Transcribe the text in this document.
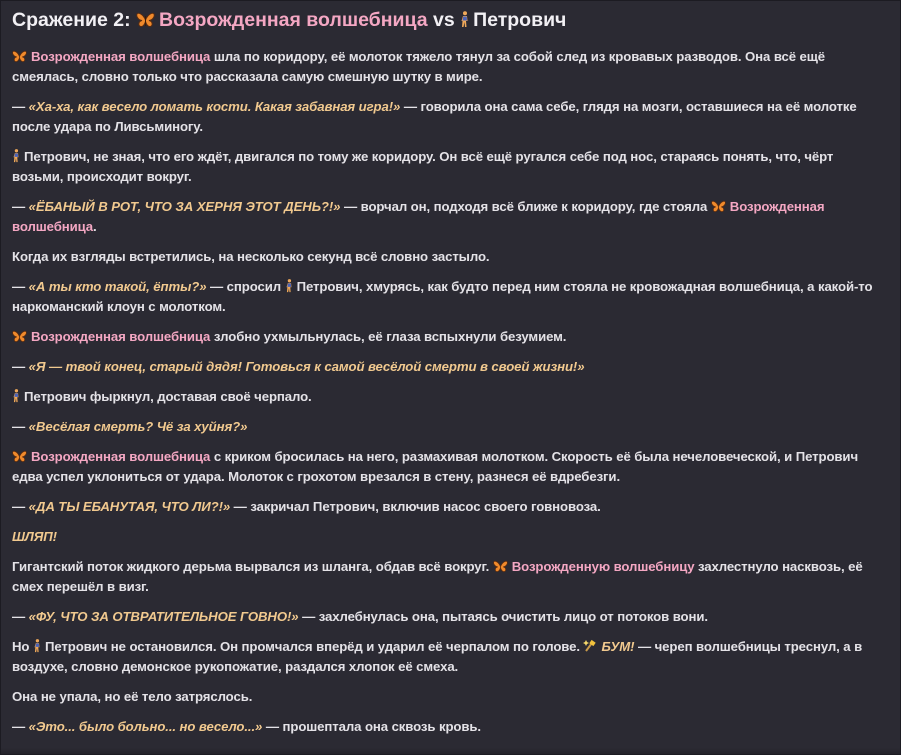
Сражение 2: Возрожденная волшебница vs Петрович

Возрожденная волшебница шла по коридору, её молоток тяжело тянул за собой след из кровавых разводов. Она всё ещё смеялась, словно только что рассказала самую смешную шутку в мире.

— «Ха-ха, как весело ломать кости. Какая забавная игра!» — говорила она сама себе, глядя на мозги, оставшиеся на её молотке после удара по Ливсьминогу.

Петрович, не зная, что его ждёт, двигался по тому же коридору. Он всё ещё ругался себе под нос, стараясь понять, что, чёрт возьми, происходит вокруг.

— «ЁБАНЫЙ В РОТ, ЧТО ЗА ХЕРНЯ ЭТОТ ДЕНЬ?!» — ворчал он, подходя всё ближе к коридору, где стояла
Возрожденная волшебница.

Когда их взгляды встретились, на несколько секунд всё словно застыло.

— «А ты кто такой, ёпты?» — спросил
Петрович, хмурясь, как будто перед ним стояла не кровожадная волшебница, а какой-то наркоманский клоун с молотком.

Возрожденная волшебница злобно ухмыльнулась, её глаза вспыхнули безумием.

— «Я — твой конец, старый дядя! Готовься к самой весёлой смерти в своей жизни!»

Петрович фыркнул, доставая своё черпало.

— «Весёлая смерть? Чё за хуйня?»

Возрожденная волшебница с криком бросилась на него, размахивая молотком. Скорость её была нечеловеческой, и Петрович едва успел уклониться от удара. Молоток с грохотом врезался в стену, разнеся её вдребезги.

— «ДА ТЫ ЕБАНУТАЯ, ЧТО ЛИ?!» — закричал Петрович, включив насос своего говновоза.

ШЛЯП!

Гигантский поток жидкого дерьма вырвался из шланга, обдав всё вокруг.
Возрожденную волшебницу захлестнуло насквозь, её смех перешёл в визг.

— «ФУ, ЧТО ЗА ОТВРАТИТЕЛЬНОЕ ГОВНО!» — захлебнулась она, пытаясь очистить лицо от потоков вони.

Но
Петрович не остановился. Он промчался вперёд и ударил её черпалом по голове.
БУМ! — череп волшебницы треснул, а в воздухе, словно демонское рукопожатие, раздался хлопок её смеха.

Она не упала, но её тело затряслось.

— «Это... было больно... но весело...» — прошептала она сквозь кровь.
